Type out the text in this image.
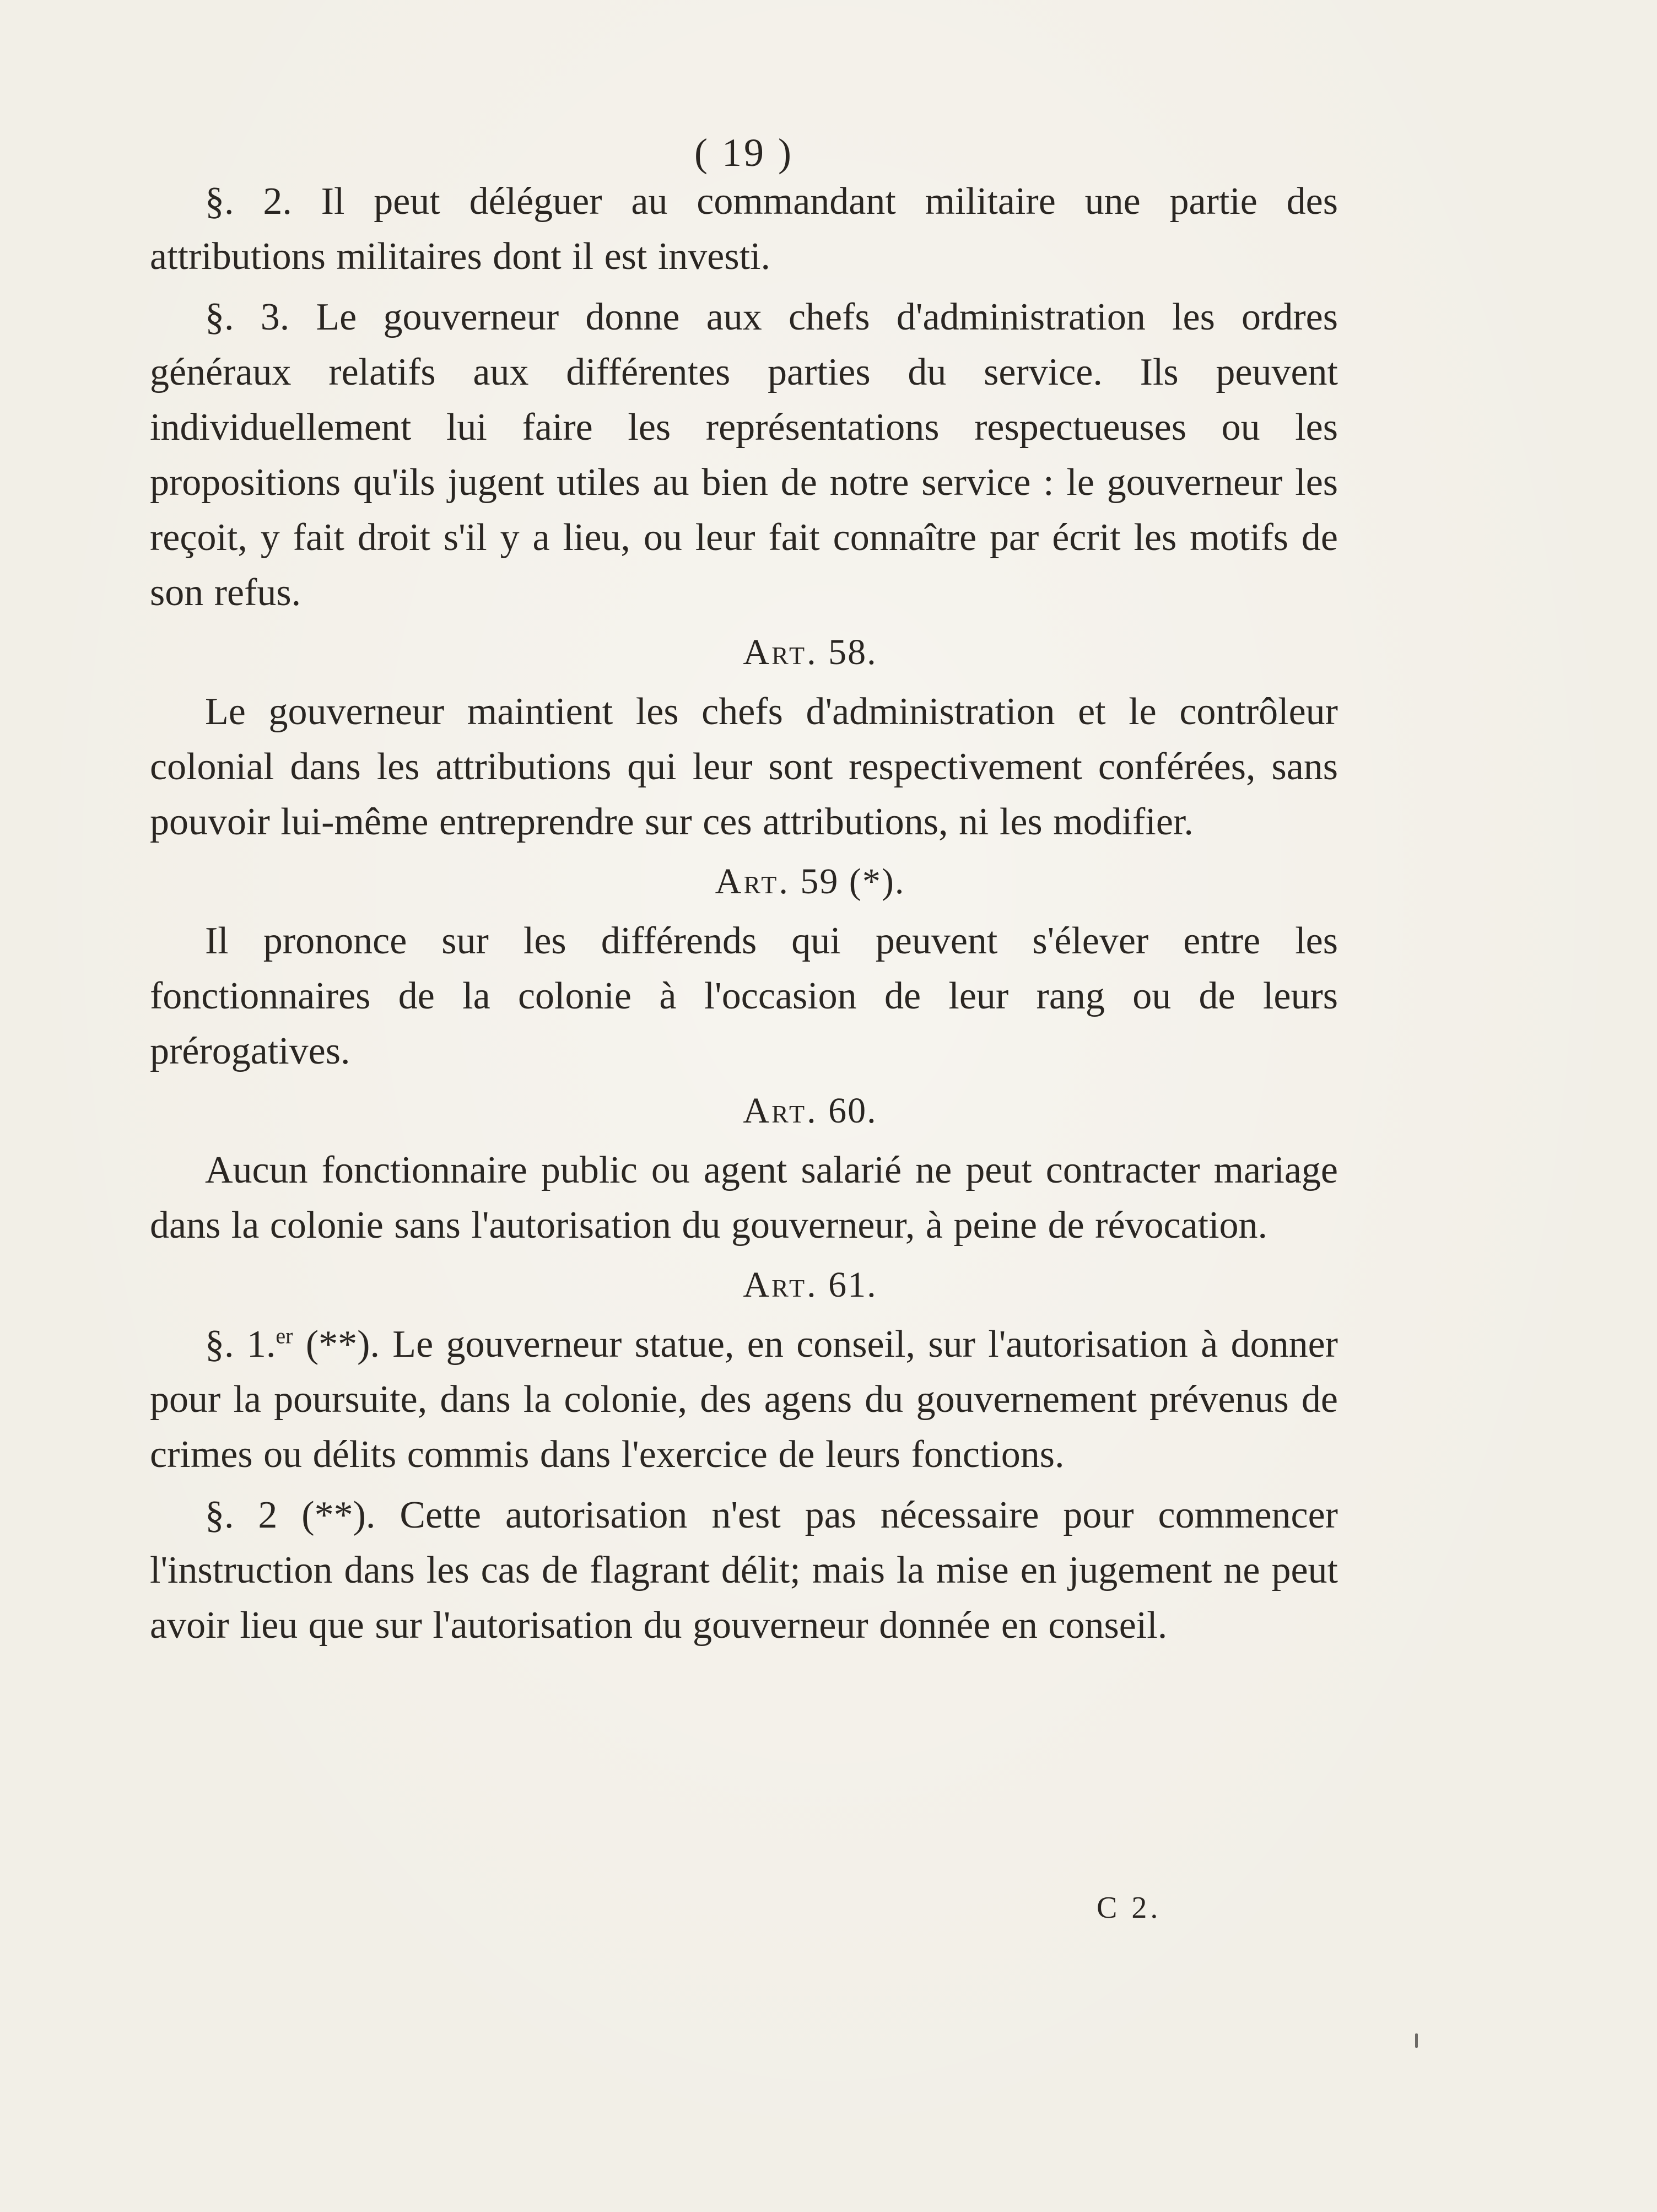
( 19 )

§. 2. Il peut déléguer au commandant militaire une partie des attributions militaires dont il est investi.

§. 3. Le gouverneur donne aux chefs d'administration les ordres généraux relatifs aux différentes parties du service. Ils peuvent individuellement lui faire les représentations respectueuses ou les propositions qu'ils jugent utiles au bien de notre service : le gouverneur les reçoit, y fait droit s'il y a lieu, ou leur fait connaître par écrit les motifs de son refus.

Art. 58.

Le gouverneur maintient les chefs d'administration et le contrôleur colonial dans les attributions qui leur sont respectivement conférées, sans pouvoir lui-même entreprendre sur ces attributions, ni les modifier.

Art. 59 (*).

Il prononce sur les différends qui peuvent s'élever entre les fonctionnaires de la colonie à l'occasion de leur rang ou de leurs prérogatives.

Art. 60.

Aucun fonctionnaire public ou agent salarié ne peut contracter mariage dans la colonie sans l'autorisation du gouverneur, à peine de révocation.

Art. 61.

§. 1.$^{er}$ (**). Le gouverneur statue, en conseil, sur l'autorisation à donner pour la poursuite, dans la colonie, des agens du gouvernement prévenus de crimes ou délits commis dans l'exercice de leurs fonctions.

§. 2 (**). Cette autorisation n'est pas nécessaire pour commencer l'instruction dans les cas de flagrant délit; mais la mise en jugement ne peut avoir lieu que sur l'autorisation du gouverneur donnée en conseil.

C 2.
